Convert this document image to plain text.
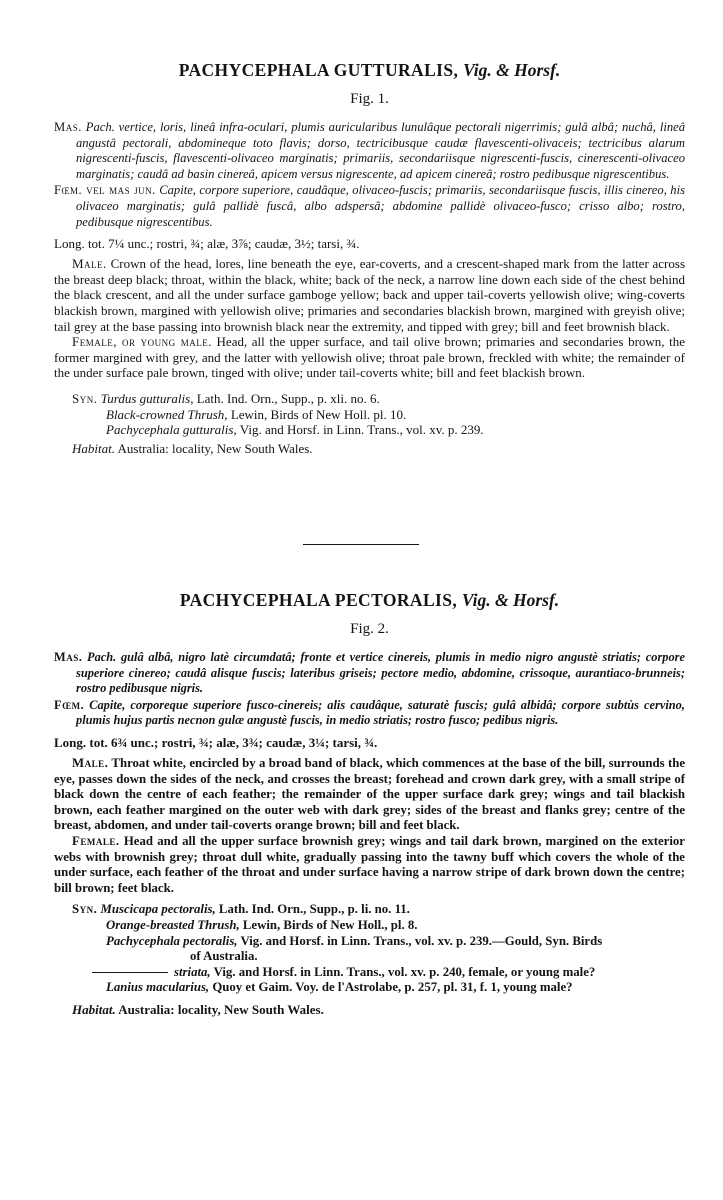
PACHYCEPHALA GUTTURALIS, Vig. & Horsf.

Fig. 1.

Mas. Pach. vertice, loris, lineâ infra-oculari, plumis auricularibus lunulâque pectorali nigerrimis; gulâ albâ; nuchâ, lineâ angustâ pectorali, abdomineque toto flavis; dorso, tectricibusque caudæ flavescenti-olivaceis; tectricibus alarum nigrescenti-fuscis, flavescenti-olivaceo marginatis; primariis, secondariisque nigrescenti-fuscis, cinerescenti-olivaceo marginatis; caudâ ad basin cinereâ, apicem versus nigrescente, ad apicem cinereâ; rostro pedibusque nigrescentibus.

Fœm. vel mas jun. Capite, corpore superiore, caudâque, olivaceo-fuscis; primariis, secondariisque fuscis, illis cinereo, his olivaceo marginatis; gulâ pallidè fuscâ, albo adspersâ; abdomine pallidè olivaceo-fusco; crisso albo; rostro, pedibusque nigrescentibus.

Long. tot. 7¼ unc.; rostri, ¾; alæ, 3⅞; caudæ, 3½; tarsi, ¾.

Male. Crown of the head, lores, line beneath the eye, ear-coverts, and a crescent-shaped mark from the latter across the breast deep black; throat, within the black, white; back of the neck, a narrow line down each side of the chest behind the black crescent, and all the under surface gamboge yellow; back and upper tail-coverts yellowish olive; wing-coverts blackish brown, margined with yellowish olive; primaries and secondaries blackish brown, margined with greyish olive; tail grey at the base passing into brownish black near the extremity, and tipped with grey; bill and feet brownish black.

Female, or young male. Head, all the upper surface, and tail olive brown; primaries and secondaries brown, the former margined with grey, and the latter with yellowish olive; throat pale brown, freckled with white; the remainder of the under surface pale brown, tinged with olive; under tail-coverts white; bill and feet blackish brown.

Syn. Turdus gutturalis, Lath. Ind. Orn., Supp., p. xli. no. 6.
Black-crowned Thrush, Lewin, Birds of New Holl. pl. 10.
Pachycephala gutturalis, Vig. and Horsf. in Linn. Trans., vol. xv. p. 239.

Habitat. Australia: locality, New South Wales.

PACHYCEPHALA PECTORALIS, Vig. & Horsf.

Fig. 2.

Mas. Pach. gulâ albâ, nigro latè circumdatâ; fronte et vertice cinereis, plumis in medio nigro angustè striatis; corpore superiore cinereo; caudâ alisque fuscis; lateribus griseis; pectore medio, abdomine, crissoque, aurantiaco-brunneis; rostro pedibusque nigris.

Fœm. Capite, corporeque superiore fusco-cinereis; alis caudâque, saturatè fuscis; gulâ albidâ; corpore subtùs cervino, plumis hujus partis necnon gulæ angustè fuscis, in medio striatis; rostro fusco; pedibus nigris.

Long. tot. 6¾ unc.; rostri, ¾; alæ, 3¾; caudæ, 3¼; tarsi, ¾.

Male. Throat white, encircled by a broad band of black, which commences at the base of the bill, surrounds the eye, passes down the sides of the neck, and crosses the breast; forehead and crown dark grey, with a small stripe of black down the centre of each feather; the remainder of the upper surface dark grey; wings and tail blackish brown, each feather margined on the outer web with dark grey; sides of the breast and flanks grey; centre of the breast, abdomen, and under tail-coverts orange brown; bill and feet black.

Female. Head and all the upper surface brownish grey; wings and tail dark brown, margined on the exterior webs with brownish grey; throat dull white, gradually passing into the tawny buff which covers the whole of the under surface, each feather of the throat and under surface having a narrow stripe of dark brown down the centre; bill brown; feet black.

Syn. Muscicapa pectoralis, Lath. Ind. Orn., Supp., p. li. no. 11.
Orange-breasted Thrush, Lewin, Birds of New Holl., pl. 8.
Pachycephala pectoralis, Vig. and Horsf. in Linn. Trans., vol. xv. p. 239.—Gould, Syn. Birds
of Australia.
striata, Vig. and Horsf. in Linn. Trans., vol. xv. p. 240, female, or young male?
Lanius macularius, Quoy et Gaim. Voy. de l'Astrolabe, p. 257, pl. 31, f. 1, young male?

Habitat. Australia: locality, New South Wales.
